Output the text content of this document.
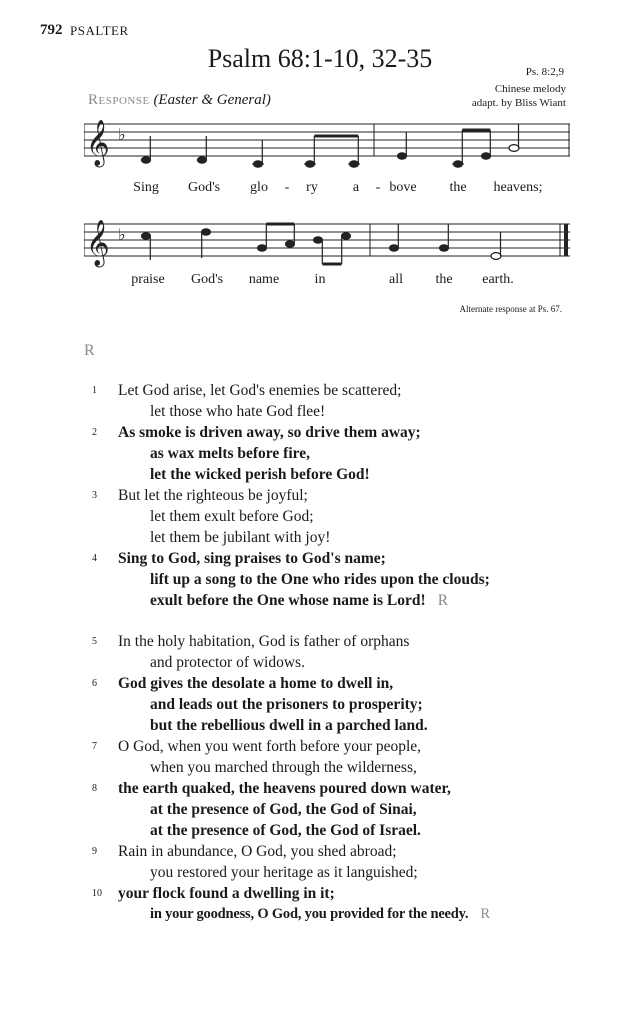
792 PSALTER
Psalm 68:1-10, 32-35	Ps. 8:2,9
Chinese melody
adapt. by Bliss Wiant
Response (Easter & General)
𝄞 ♭
Sing God's glo - ry	a - bove the heavens;
𝄞 ♭
praise God's name	in	all the earth.
Alternate response at Ps. 67.
R
1 Let God arise, let God's enemies be scattered;
let those who hate God flee!
2 As smoke is driven away, so drive them away;
as wax melts before fire,
let the wicked perish before God!
3 But let the righteous be joyful;
let them exult before God;
let them be jubilant with joy!
4 Sing to God, sing praises to God's name;
lift up a song to the One who rides upon the clouds;
exult before the One whose name is Lord! R
5 In the holy habitation, God is father of orphans
and protector of widows.
6 God gives the desolate a home to dwell in,
and leads out the prisoners to prosperity;
but the rebellious dwell in a parched land.
7 O God, when you went forth before your people,
when you marched through the wilderness,
8 the earth quaked, the heavens poured down water,
at the presence of God, the God of Sinai,
at the presence of God, the God of Israel.
9 Rain in abundance, O God, you shed abroad;
you restored your heritage as it languished;
10 your flock found a dwelling in it;
in your goodness, O God, you provided for the needy. R
